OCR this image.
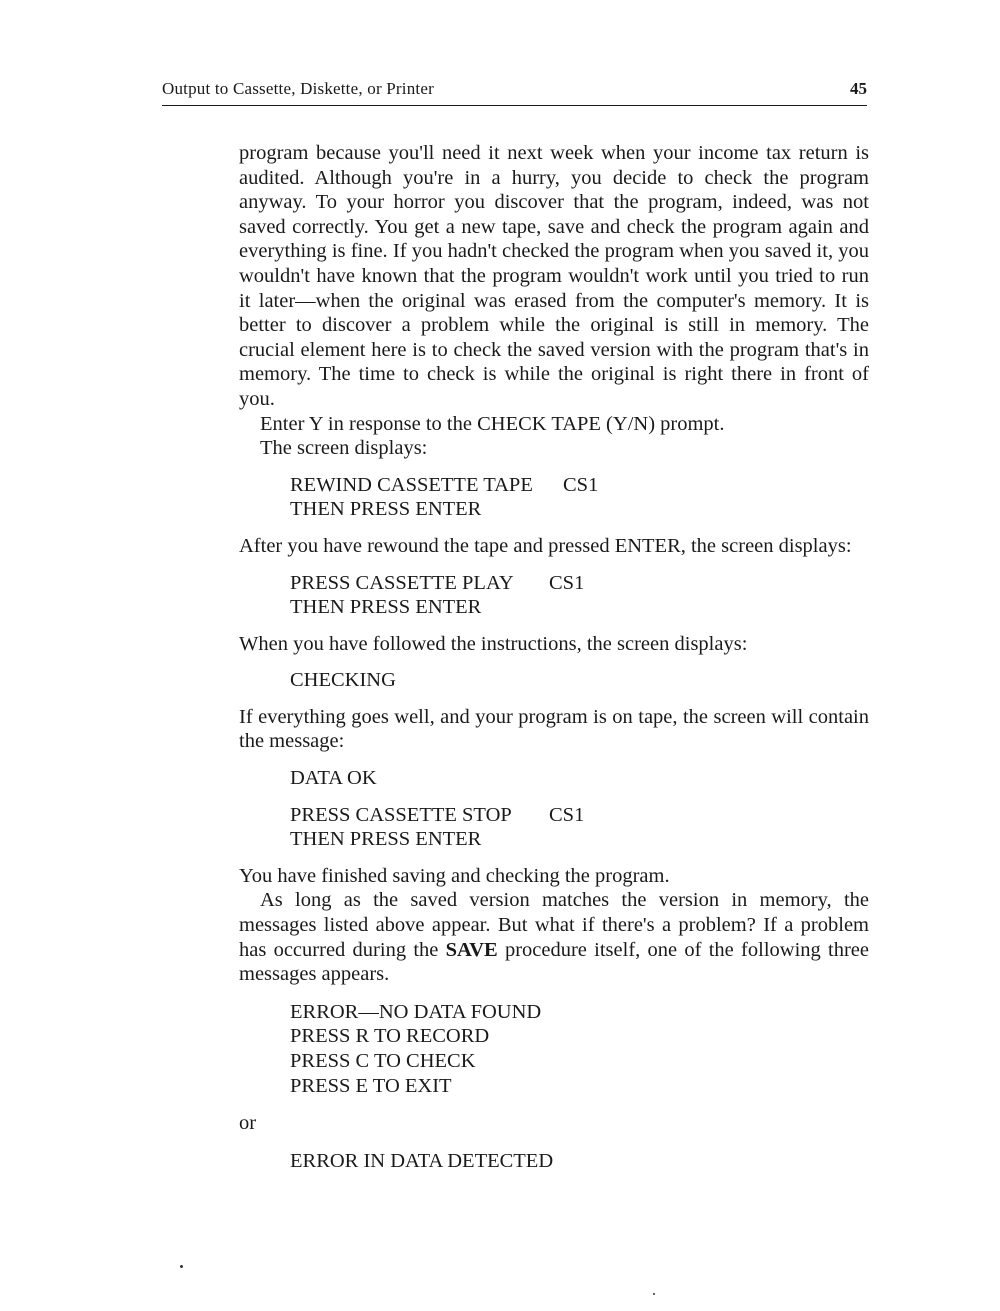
Output to Cassette, Diskette, or Printer	45

program because you'll need it next week when your income tax return is audited. Although you're in a hurry, you decide to check the program anyway. To your horror you discover that the program, indeed, was not saved correctly. You get a new tape, save and check the program again and everything is fine. If you hadn't checked the program when you saved it, you wouldn't have known that the program wouldn't work until you tried to run it later—when the original was erased from the computer's memory. It is better to discover a problem while the original is still in memory. The crucial element here is to check the saved version with the program that's in memory. The time to check is while the original is right there in front of you.

Enter Y in response to the CHECK TAPE (Y/N) prompt.

The screen displays:

REWIND CASSETTE TAPE	CS1
THEN PRESS ENTER

After you have rewound the tape and pressed ENTER, the screen displays:

PRESS CASSETTE PLAY	CS1
THEN PRESS ENTER

When you have followed the instructions, the screen displays:

CHECKING

If everything goes well, and your program is on tape, the screen will contain the message:

DATA OK
PRESS CASSETTE STOP	CS1
THEN PRESS ENTER

You have finished saving and checking the program.

As long as the saved version matches the version in memory, the messages listed above appear. But what if there's a problem? If a problem has occurred during the SAVE procedure itself, one of the following three messages appears.

ERROR—NO DATA FOUND
PRESS R TO RECORD
PRESS C TO CHECK
PRESS E TO EXIT

or

ERROR IN DATA DETECTED
